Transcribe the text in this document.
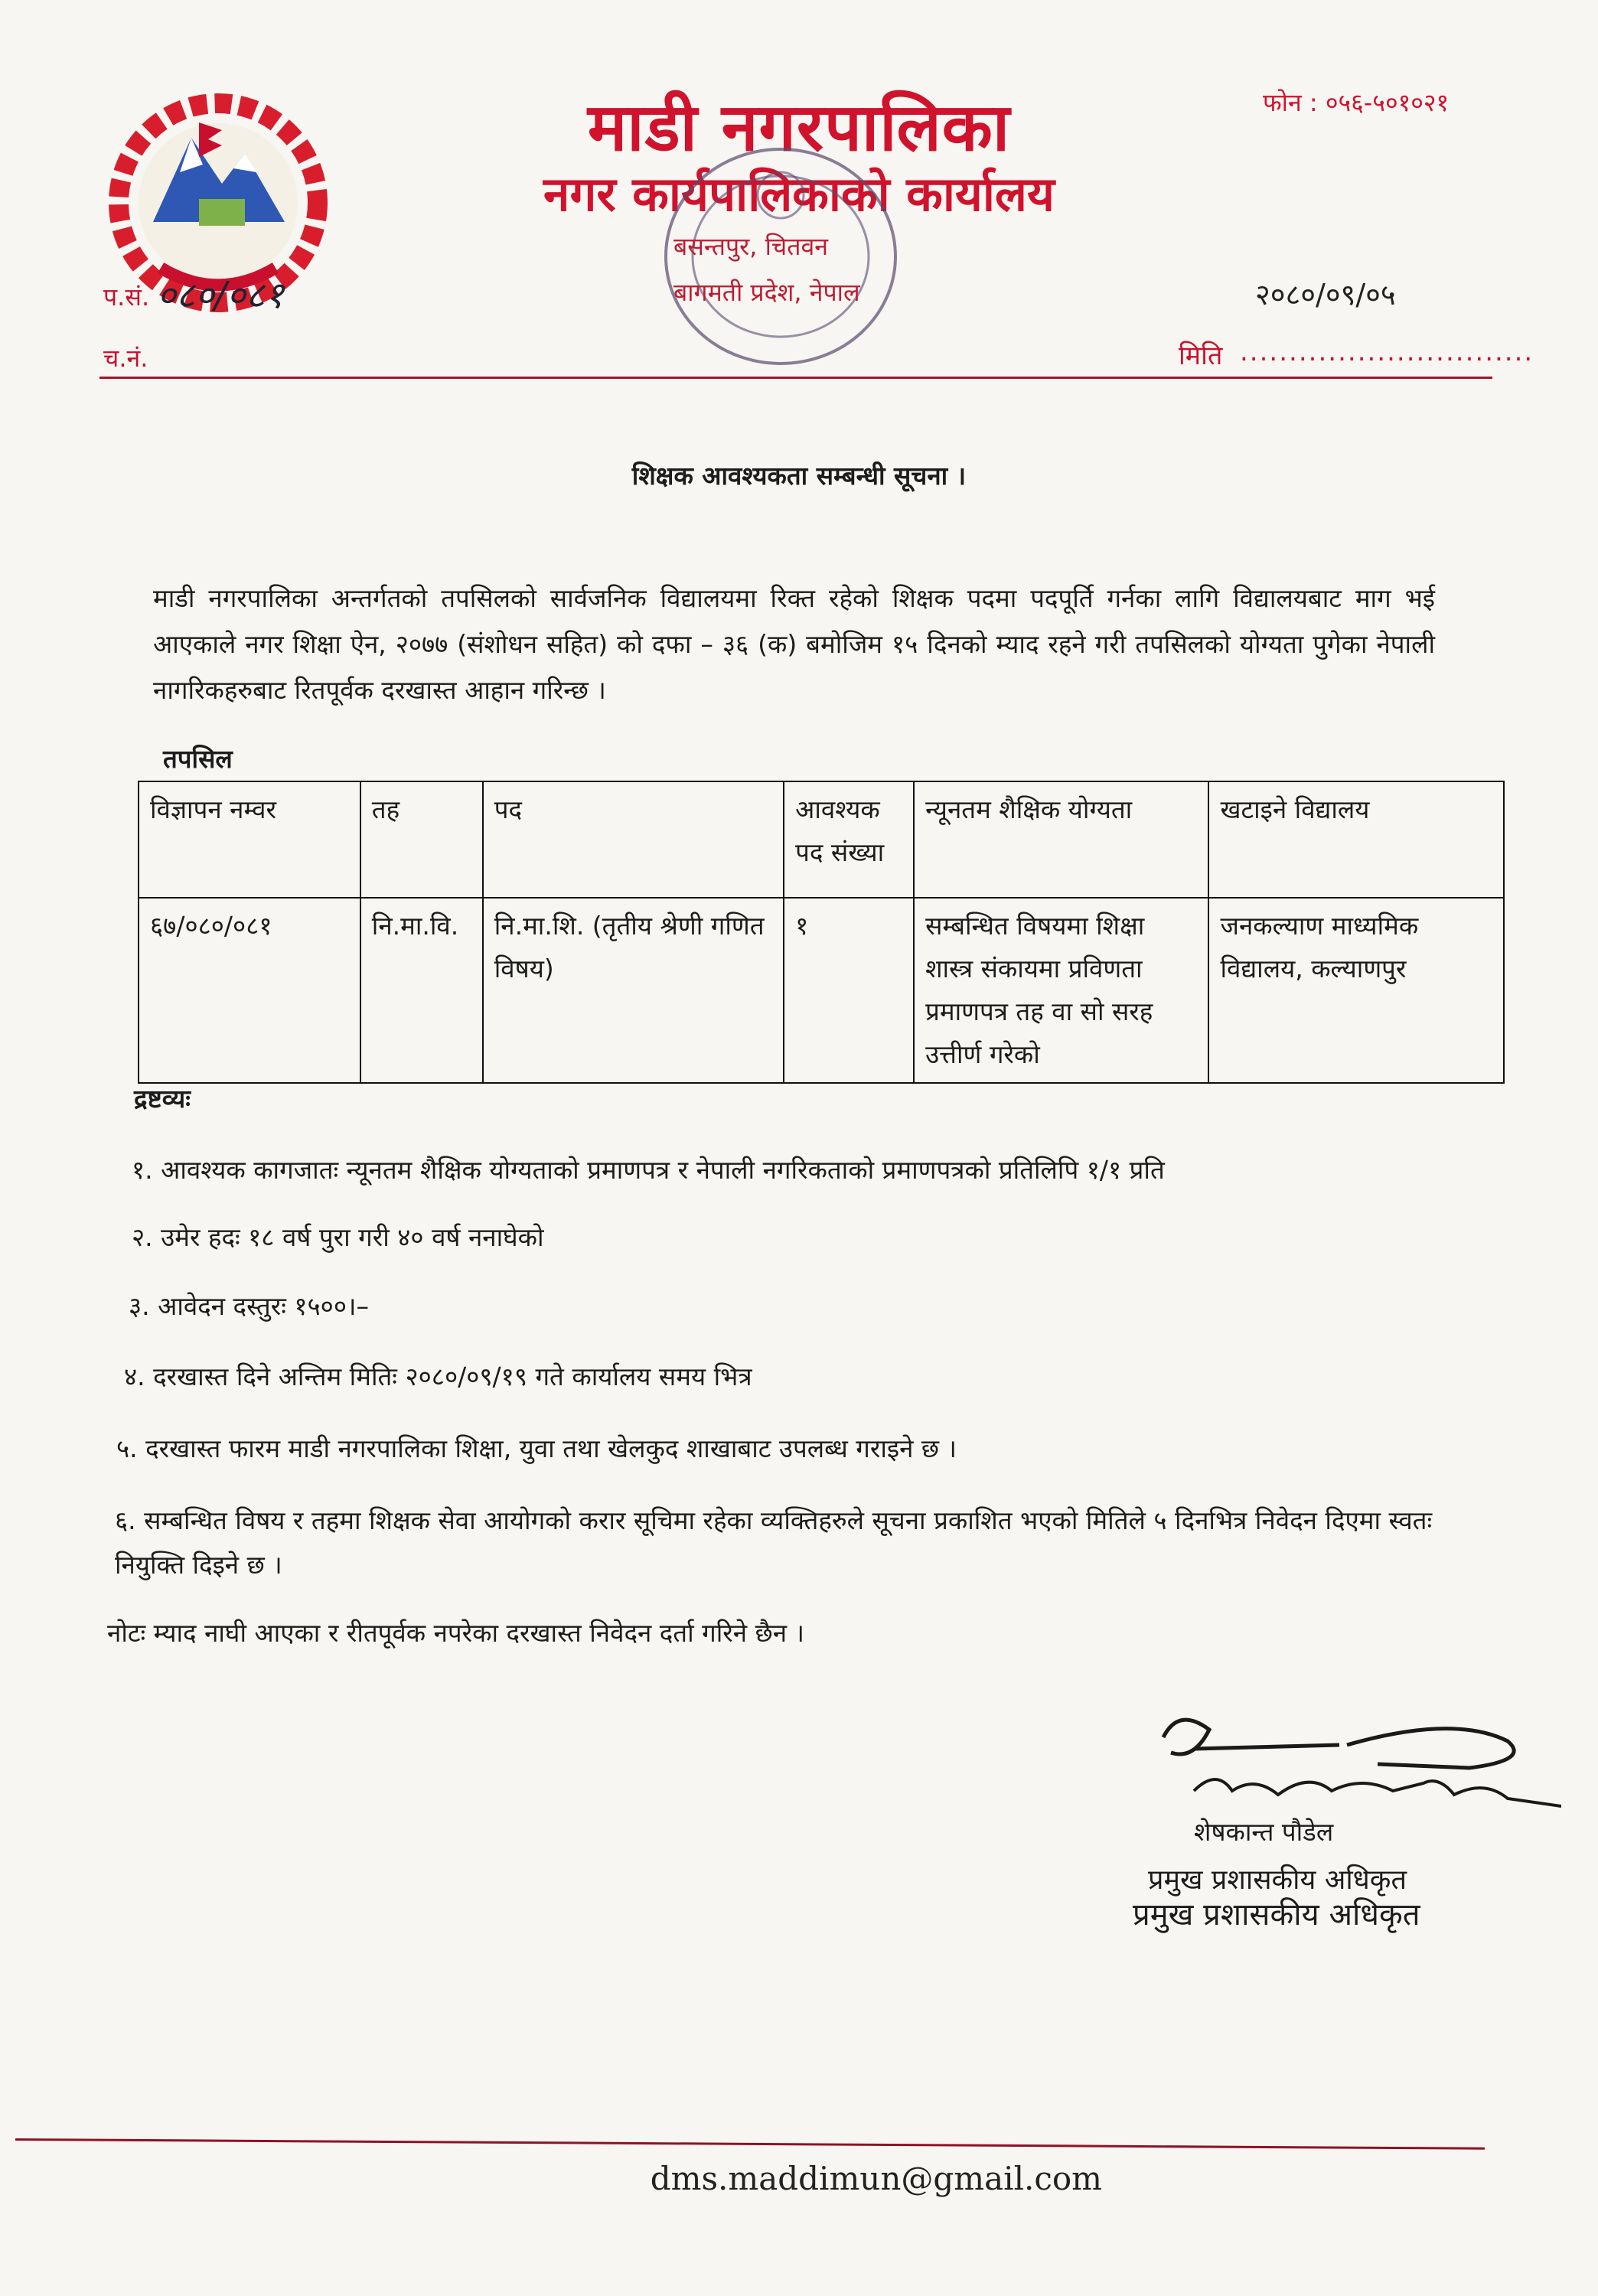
माडी नगरपालिका
नगर कार्यपालिकाको कार्यालय
फोन : ०५६-५०१०२१
बसन्तपुर, चितवन
बागमती प्रदेश, नेपाल
प.सं. ०८०/०८१
च.नं.
२०८०/०९/०५
मिति ..............................
शिक्षक आवश्यकता सम्बन्धी सूचना ।
माडी नगरपालिका अन्तर्गतको तपसिलको सार्वजनिक विद्यालयमा रिक्त रहेको शिक्षक पदमा पदपूर्ति गर्नका लागि विद्यालयबाट माग भई आएकाले नगर शिक्षा ऐन, २०७७ (संशोधन सहित) को दफा – ३६ (क) बमोजिम १५ दिनको म्याद रहने गरी तपसिलको योग्यता पुगेका नेपाली नागरिकहरुबाट रितपूर्वक दरखास्त आहान गरिन्छ ।
तपसिल
विज्ञापन नम्वर	तह	पद	आवश्यक पद संख्या	न्यूनतम शैक्षिक योग्यता	खटाइने विद्यालय
६७/०८०/०८१	नि.मा.वि.	नि.मा.शि. (तृतीय श्रेणी गणित विषय)	१	सम्बन्धित विषयमा शिक्षा शास्त्र संकायमा प्रविणता प्रमाणपत्र तह वा सो सरह उत्तीर्ण गरेको	जनकल्याण माध्यमिक विद्यालय, कल्याणपुर
द्रष्टव्यः
१. आवश्यक कागजातः न्यूनतम शैक्षिक योग्यताको प्रमाणपत्र र नेपाली नगरिकताको प्रमाणपत्रको प्रतिलिपि १/१ प्रति
२. उमेर हदः १८ वर्ष पुरा गरी ४० वर्ष ननाघेको
३. आवेदन दस्तुरः १५००।–
४. दरखास्त दिने अन्तिम मितिः २०८०/०९/१९ गते कार्यालय समय भित्र
५. दरखास्त फारम माडी नगरपालिका शिक्षा, युवा तथा खेलकुद शाखाबाट उपलब्ध गराइने छ ।
६. सम्बन्धित विषय र तहमा शिक्षक सेवा आयोगको करार सूचिमा रहेका व्यक्तिहरुले सूचना प्रकाशित भएको मितिले ५ दिनभित्र निवेदन दिएमा स्वतः नियुक्ति दिइने छ ।
नोटः म्याद नाघी आएका र रीतपूर्वक नपरेका दरखास्त निवेदन दर्ता गरिने छैन ।
शेषकान्त पौडेल
प्रमुख प्रशासकीय अधिकृत
प्रमुख प्रशासकीय अधिकृत
dms.maddimun@gmail.com
